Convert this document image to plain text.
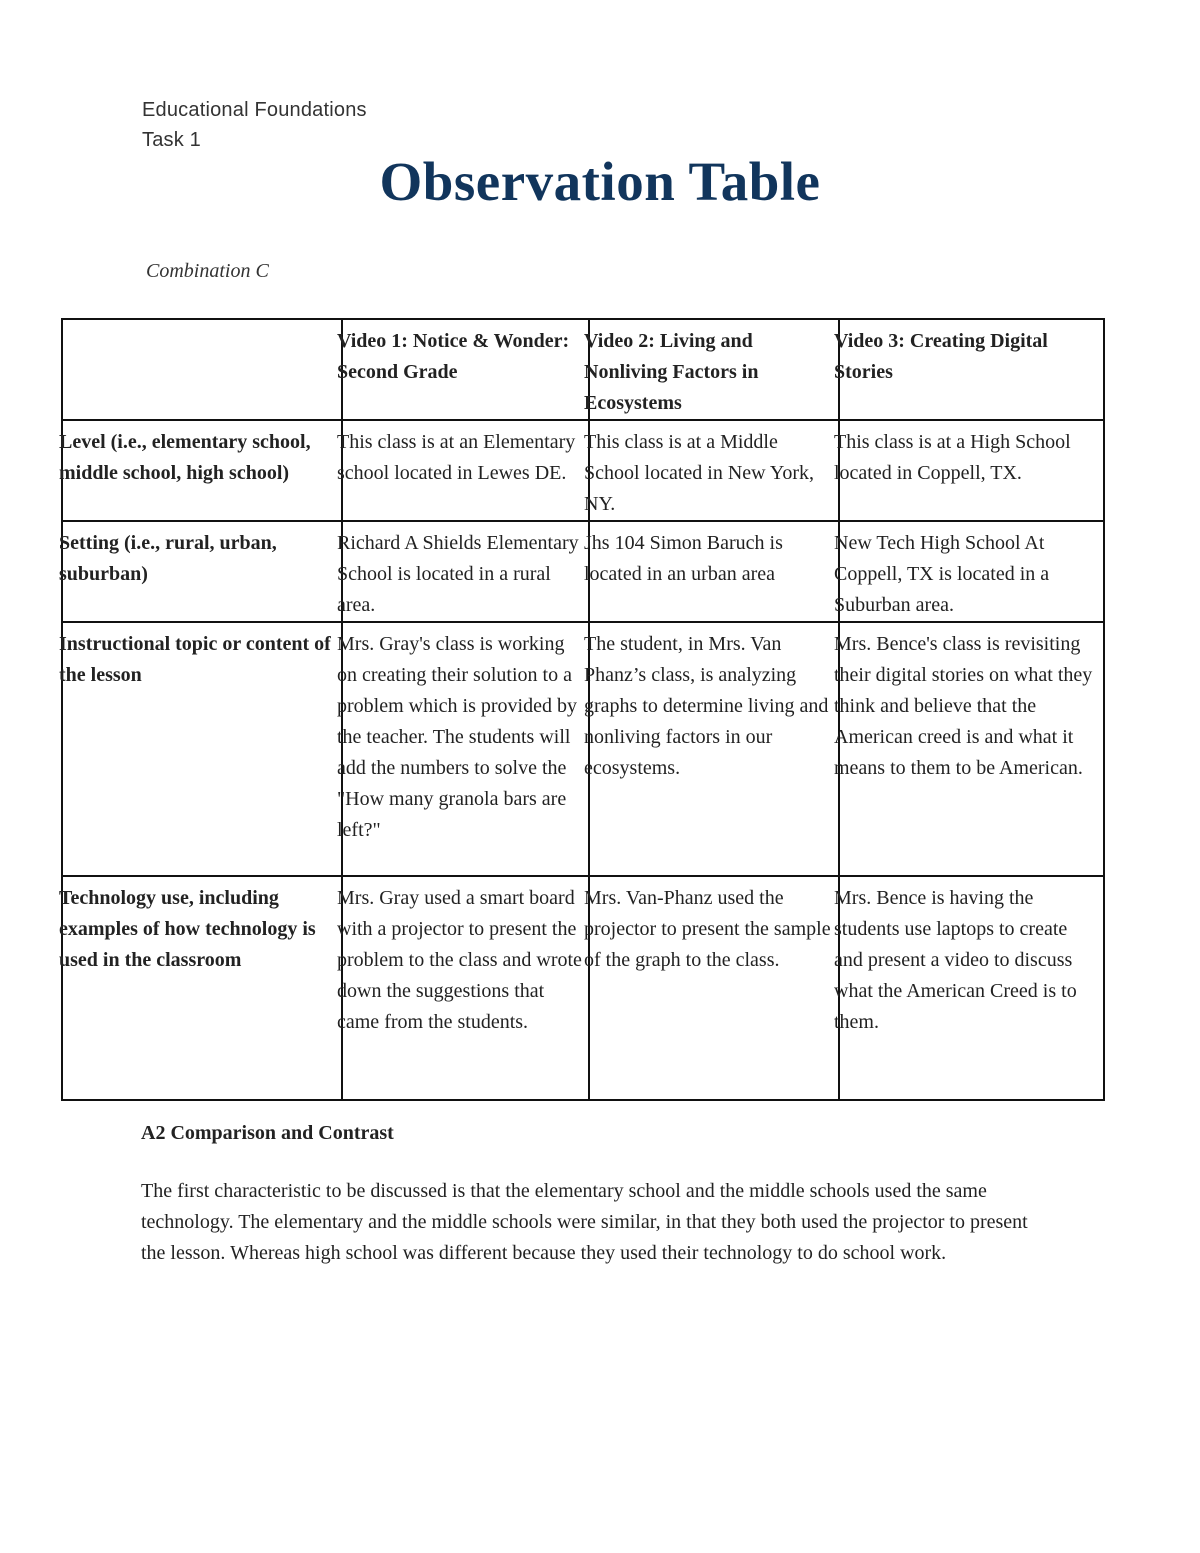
Educational Foundations
Task 1
Observation Table
Combination C

	Video 1: Notice & Wonder: Second Grade	Video 2: Living and Nonliving Factors in Ecosystems	Video 3: Creating Digital Stories

Level (i.e., elementary school, middle school, high school)	This class is at an Elementary school located in Lewes DE.	This class is at a Middle School located in New York, NY.	This class is at a High School located in Coppell, TX.

Setting (i.e., rural, urban, suburban)	Richard A Shields Elementary School is located in a rural area.	Jhs 104 Simon Baruch is located in an urban area	New Tech High School At Coppell, TX is located in a Suburban area.

Instructional topic or content of the lesson	Mrs. Gray's class is working on creating their solution to a problem which is provided by the teacher. The students will add the numbers to solve the "How many granola bars are left?"	The student, in Mrs. Van Phanz’s class, is analyzing graphs to determine living and nonliving factors in our ecosystems.	Mrs. Bence's class is revisiting their digital stories on what they think and believe that the American creed is and what it means to them to be American.

Technology use, including examples of how technology is used in the classroom	Mrs. Gray used a smart board with a projector to present the problem to the class and wrote down the suggestions that came from the students.	Mrs. Van-Phanz used the projector to present the sample of the graph to the class.	Mrs. Bence is having the students use laptops to create and present a video to discuss what the American Creed is to them.
A2 Comparison and Contrast
The first characteristic to be discussed is that the elementary school and the middle schools used the same technology. The elementary and the middle schools were similar, in that they both used the projector to present the lesson. Whereas high school was different because they used their technology to do school work.
